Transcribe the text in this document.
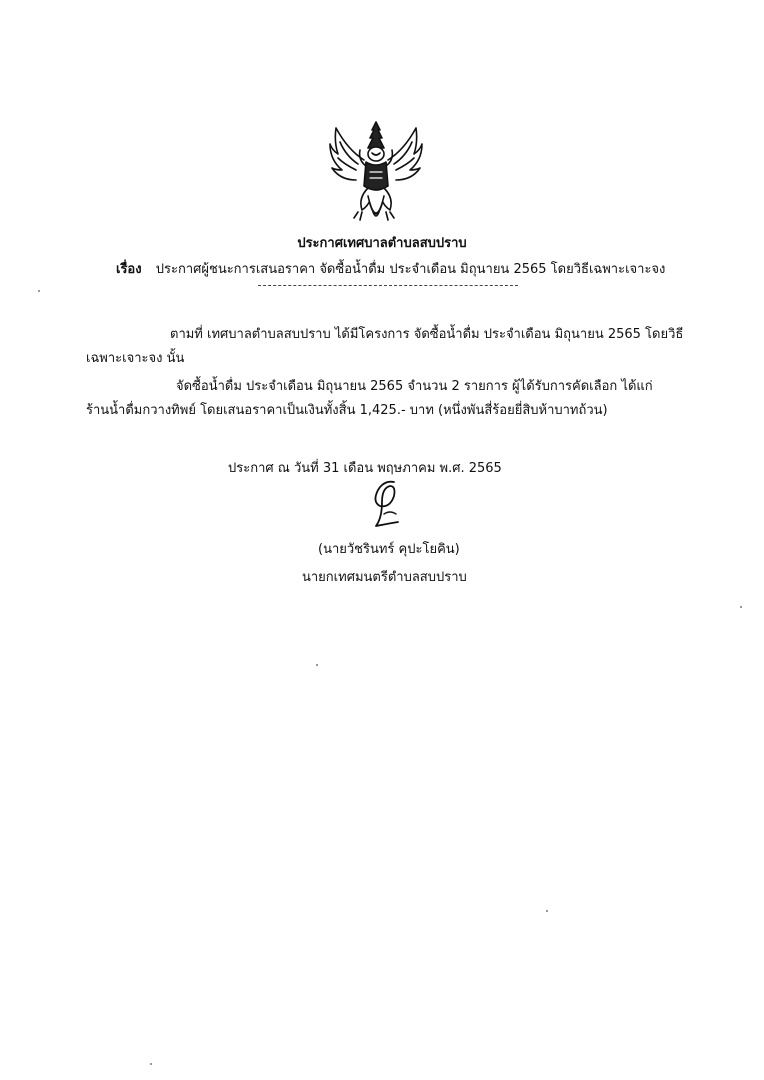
ประกาศเทศบาลตำบลสบปราบ
เรื่อง ประกาศผู้ชนะการเสนอราคา จัดซื้อน้ำดื่ม ประจำเดือน มิถุนายน 2565 โดยวิธีเฉพาะเจาะจง
ตามที่ เทศบาลตำบลสบปราบ ได้มีโครงการ จัดซื้อน้ำดื่ม ประจำเดือน มิถุนายน 2565 โดยวิธี
เฉพาะเจาะจง นั้น
จัดซื้อน้ำดื่ม ประจำเดือน มิถุนายน 2565 จำนวน 2 รายการ ผู้ได้รับการคัดเลือก ได้แก่
ร้านน้ำดื่มกวางทิพย์ โดยเสนอราคาเป็นเงินทั้งสิ้น 1,425.- บาท (หนึ่งพันสี่ร้อยยี่สิบห้าบาทถ้วน)
ประกาศ ณ วันที่ 31 เดือน พฤษภาคม พ.ศ. 2565
(นายวัชรินทร์ คุปะโยคิน)
นายกเทศมนตรีตำบลสบปราบ
